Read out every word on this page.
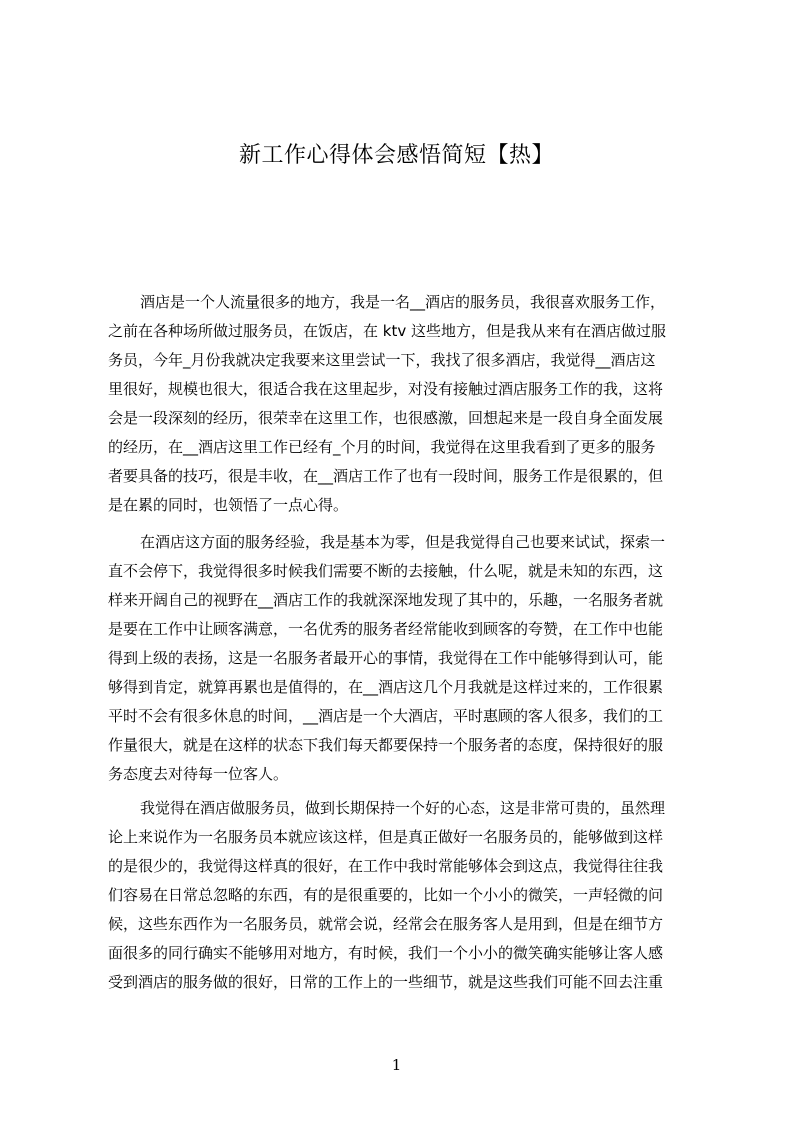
新工作心得体会感悟简短【热】
酒店是一个人流量很多的地方，我是一名__酒店的服务员，我很喜欢服务工作，
之前在各种场所做过服务员，在饭店，在 ktv 这些地方，但是我从来有在酒店做过服
务员，今年_月份我就决定我要来这里尝试一下，我找了很多酒店，我觉得__酒店这
里很好，规模也很大，很适合我在这里起步，对没有接触过酒店服务工作的我，这将
会是一段深刻的经历，很荣幸在这里工作，也很感激，回想起来是一段自身全面发展
的经历，在__酒店这里工作已经有_个月的时间，我觉得在这里我看到了更多的服务
者要具备的技巧，很是丰收，在__酒店工作了也有一段时间，服务工作是很累的，但
是在累的同时，也领悟了一点心得。
在酒店这方面的服务经验，我是基本为零，但是我觉得自己也要来试试，探索一
直不会停下，我觉得很多时候我们需要不断的去接触，什么呢，就是未知的东西，这
样来开阔自己的视野在__酒店工作的我就深深地发现了其中的，乐趣，一名服务者就
是要在工作中让顾客满意，一名优秀的服务者经常能收到顾客的夸赞，在工作中也能
得到上级的表扬，这是一名服务者最开心的事情，我觉得在工作中能够得到认可，能
够得到肯定，就算再累也是值得的，在__酒店这几个月我就是这样过来的，工作很累
平时不会有很多休息的时间，__酒店是一个大酒店，平时惠顾的客人很多，我们的工
作量很大，就是在这样的状态下我们每天都要保持一个服务者的态度，保持很好的服
务态度去对待每一位客人。
我觉得在酒店做服务员，做到长期保持一个好的心态，这是非常可贵的，虽然理
论上来说作为一名服务员本就应该这样，但是真正做好一名服务员的，能够做到这样
的是很少的，我觉得这样真的很好，在工作中我时常能够体会到这点，我觉得往往我
们容易在日常总忽略的东西，有的是很重要的，比如一个小小的微笑，一声轻微的问
候，这些东西作为一名服务员，就常会说，经常会在服务客人是用到，但是在细节方
面很多的同行确实不能够用对地方，有时候，我们一个小小的微笑确实能够让客人感
受到酒店的服务做的很好，日常的工作上的一些细节，就是这些我们可能不回去注重
1
